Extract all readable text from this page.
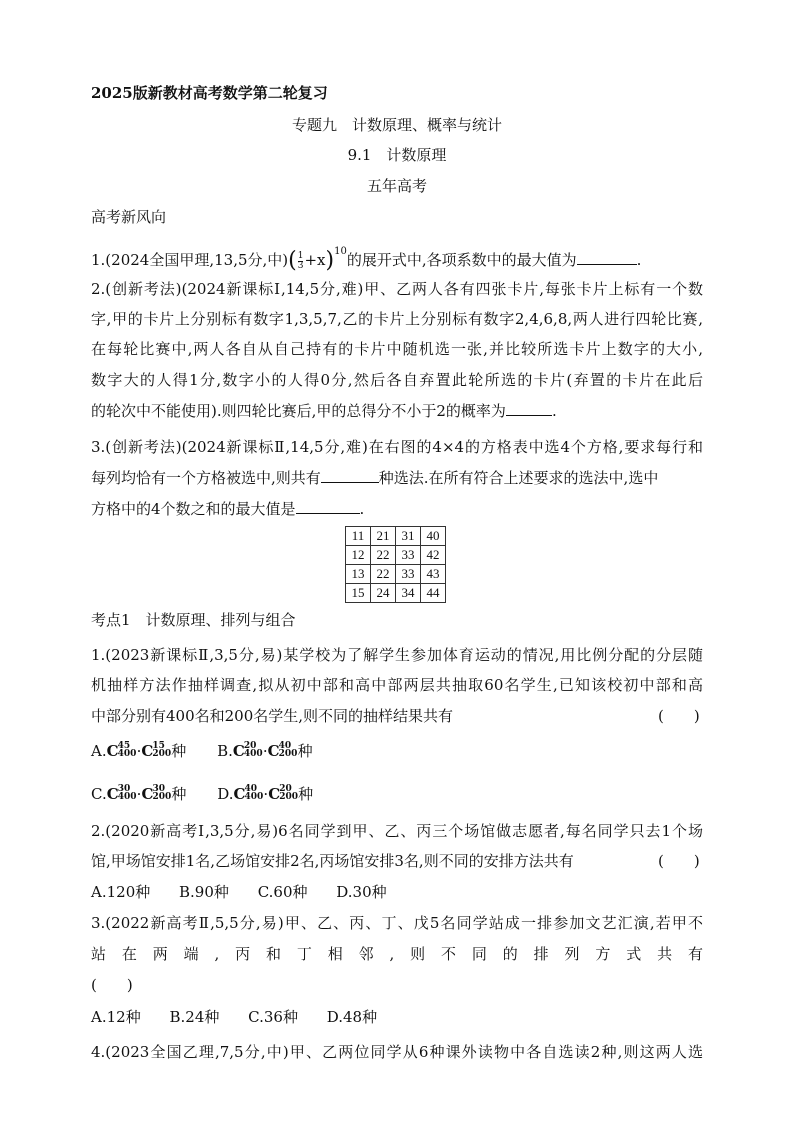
2025版新教材高考数学第二轮复习
专题九　计数原理、概率与统计
9.1　计数原理
五年高考
高考新风向
1.(2024全国甲理,13,5分,中)( $\frac{1}{3} +x)^{10}$的展开式中,各项系数中的最大值为	.
2.(创新考法)(2024新课标Ⅰ,14,5分,难)甲、乙两人各有四张卡片,每张卡片上标有一个数
字,甲的卡片上分别标有数字1,3,5,7,乙的卡片上分别标有数字2,4,6,8,两人进行四轮比赛,
在每轮比赛中,两人各自从自己持有的卡片中随机选一张,并比较所选卡片上数字的大小,
数字大的人得1分,数字小的人得0分,然后各自弃置此轮所选的卡片(弃置的卡片在此后
的轮次中不能使用).则四轮比赛后,甲的总得分不小于2的概率为	.
3.(创新考法)(2024新课标Ⅱ,14,5分,难)在右图的4×4的方格表中选4个方格,要求每行和
每列均恰有一个方格被选中,则共有	种选法.在所有符合上述要求的选法中,选中
方格中的4个数之和的最大值是	.
11	21	31	40
12	22	33	42
13	22	33	43
15	24	34	44
考点1　计数原理、排列与组合
1.(2023新课标Ⅱ,3,5分,易)某学校为了解学生参加体育运动的情况,用比例分配的分层随
机抽样方法作抽样调查,拟从初中部和高中部两层共抽取60名学生,已知该校初中部和高
中部分别有400名和200名学生,则不同的抽样结果共有	(　　)
A.C 45
400 ·C 15
200 种 B.C 20
400 ·C 40
200 种
C.C 30
400 ·C 30
200 种 D.C 40
400 ·C 20
200 种
2.(2020新高考Ⅰ,3,5分,易)6名同学到甲、乙、丙三个场馆做志愿者,每名同学只去1个场
馆,甲场馆安排1名,乙场馆安排2名,丙场馆安排3名,则不同的安排方法共有	(　　)
A.120种 B.90种 C.60种 D.30种
3.(2022新高考Ⅱ,5,5分,易)甲、乙、丙、丁、戊5名同学站成一排参加文艺汇演,若甲不
站　在　两　端　,　丙　和　丁　相　邻　,　则　不　同　的　排　列　方　式　共　有
(　　)
A.12种 B.24种 C.36种 D.48种
4.(2023全国乙理,7,5分,中)甲、乙两位同学从6种课外读物中各自选读2种,则这两人选
